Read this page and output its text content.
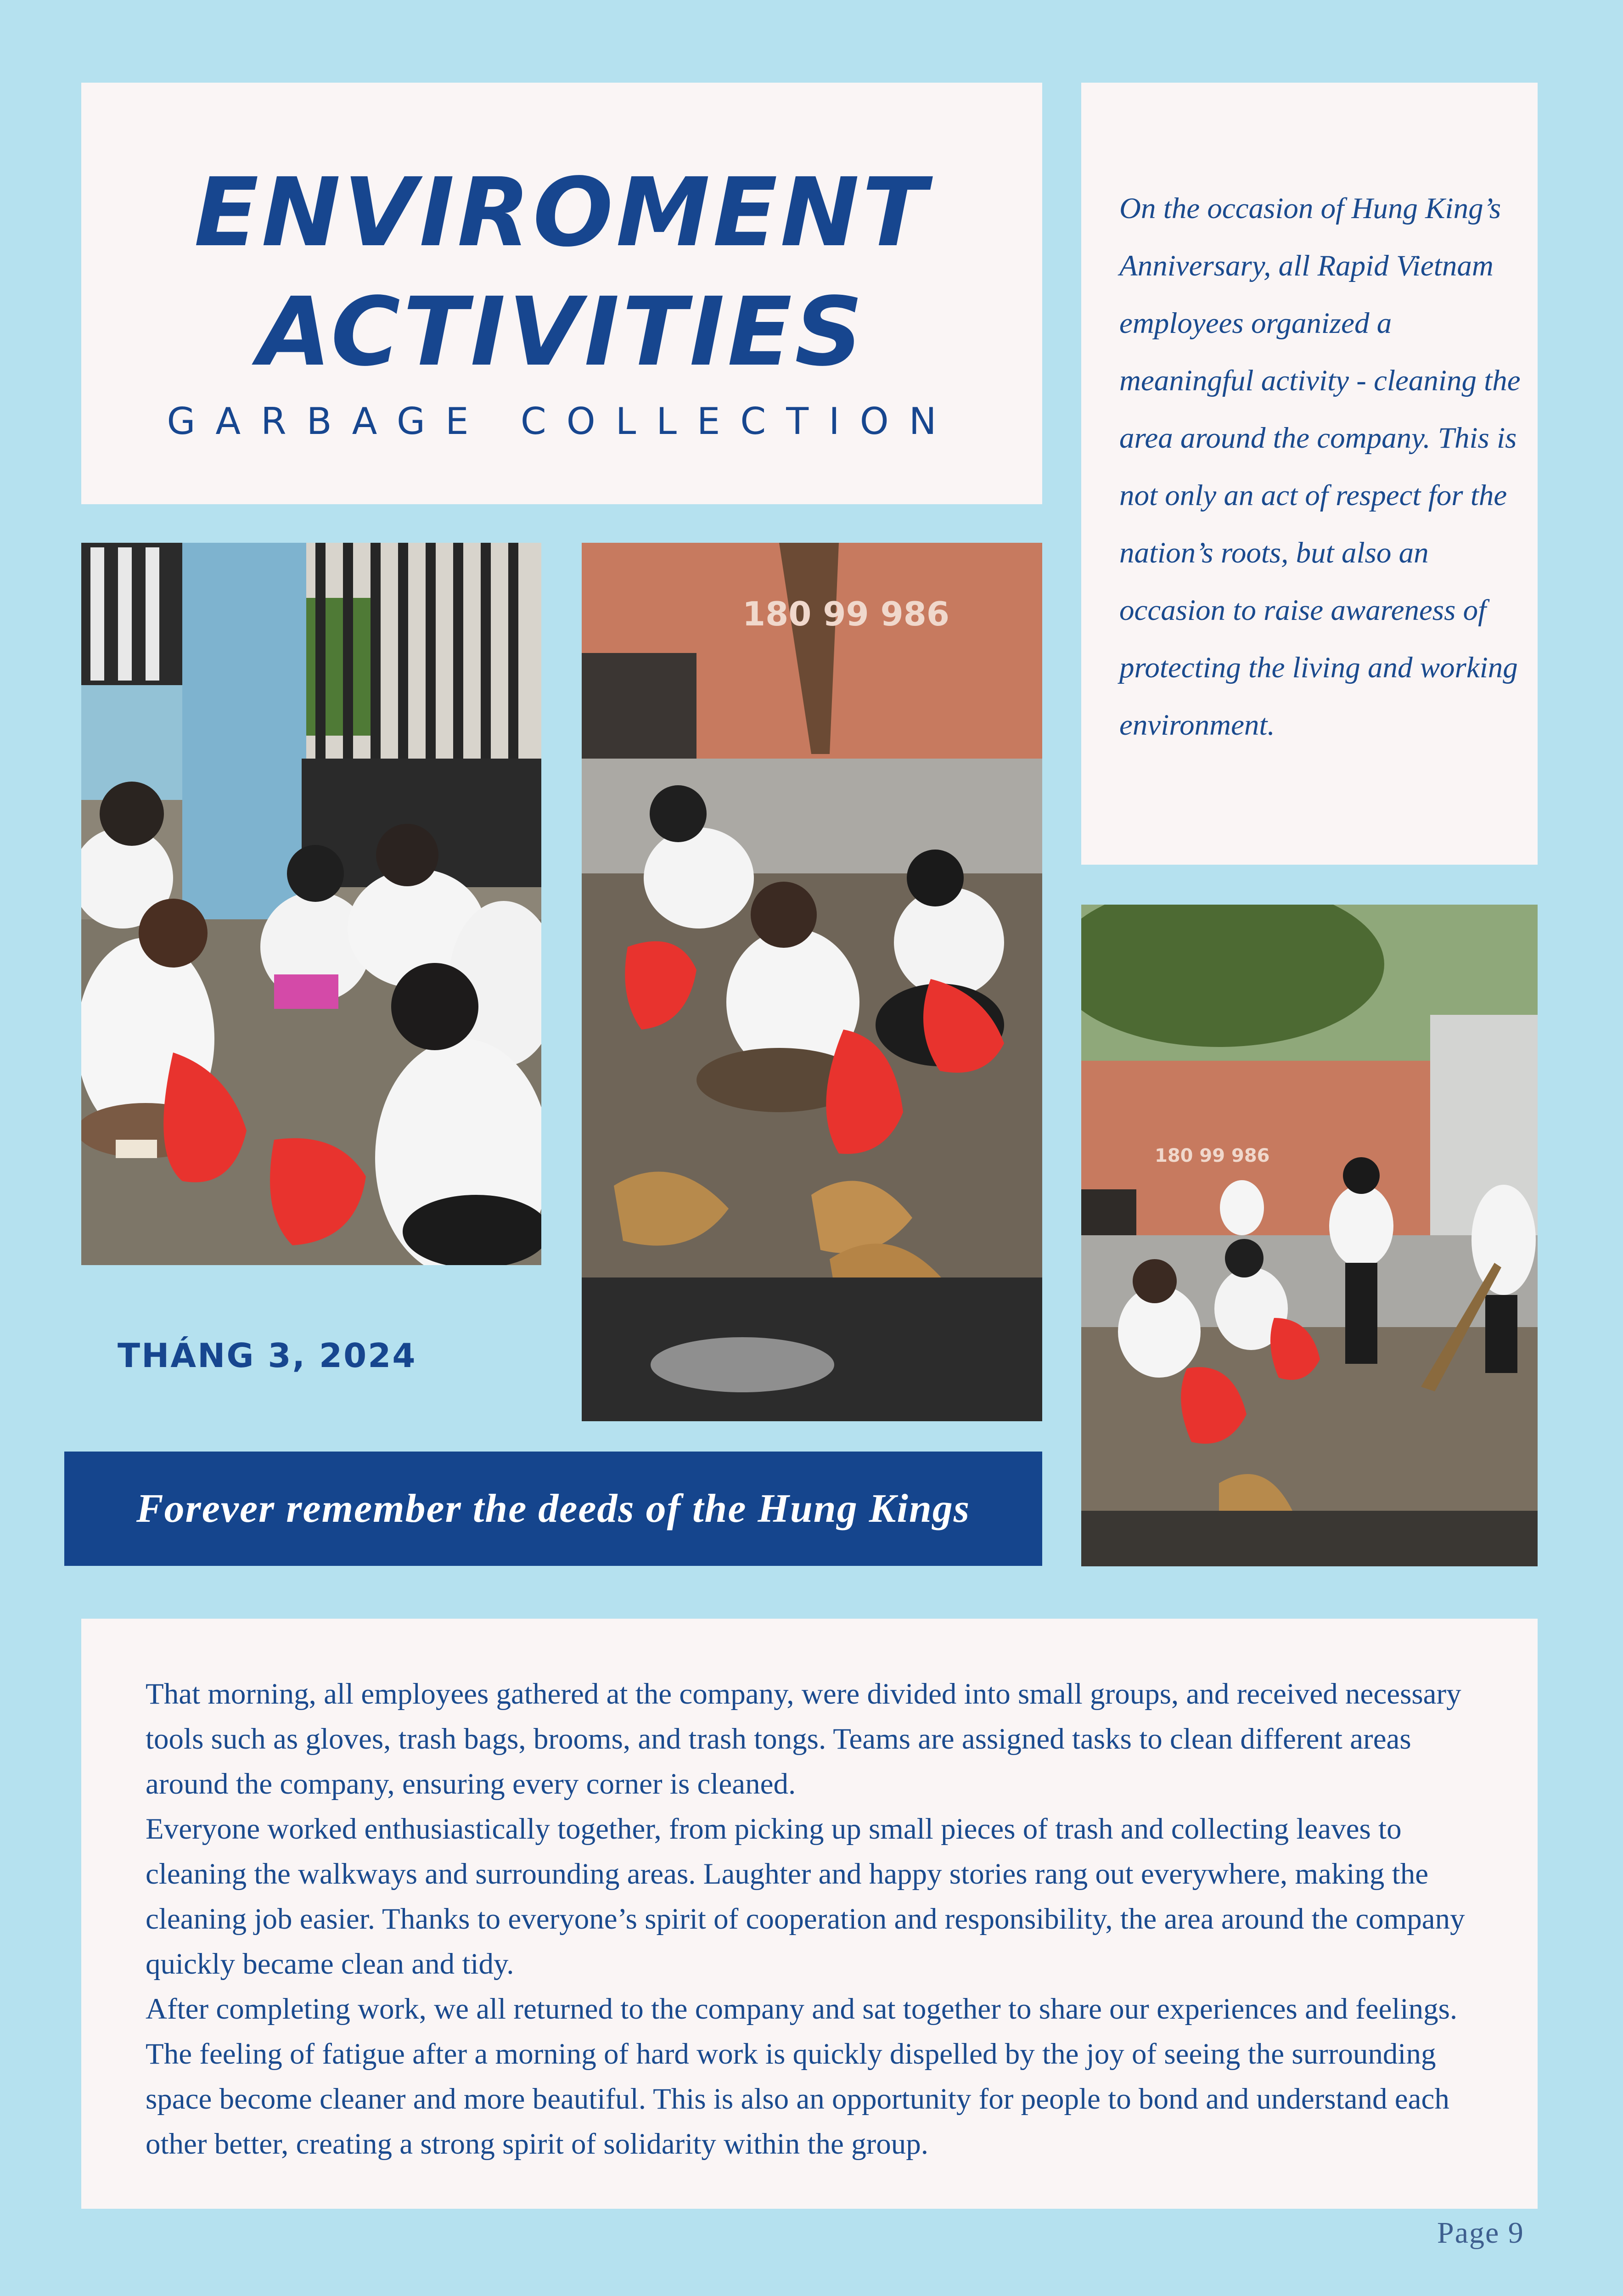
ENVIROMENT
ACTIVITIES
GARBAGE COLLECTION

On the occasion of Hung King’s Anniversary, all Rapid Vietnam employees organized a meaningful activity - cleaning the area around the company. This is not only an act of respect for the nation’s roots, but also an occasion to raise awareness of protecting the living and working environment.

180 99 986
180 99 986
THÁNG 3, 2024
Forever remember the deeds of the Hung Kings

That morning, all employees gathered at the company, were divided into small groups, and received necessary tools such as gloves, trash bags, brooms, and trash tongs. Teams are assigned tasks to clean different areas around the company, ensuring every corner is cleaned.

Everyone worked enthusiastically together, from picking up small pieces of trash and collecting leaves to cleaning the walkways and surrounding areas. Laughter and happy stories rang out everywhere, making the cleaning job easier. Thanks to everyone’s spirit of cooperation and responsibility, the area around the company quickly became clean and tidy.

After completing work, we all returned to the company and sat together to share our experiences and feelings. The feeling of fatigue after a morning of hard work is quickly dispelled by the joy of seeing the surrounding space become cleaner and more beautiful. This is also an opportunity for people to bond and understand each other better, creating a strong spirit of solidarity within the group.

Page 9
